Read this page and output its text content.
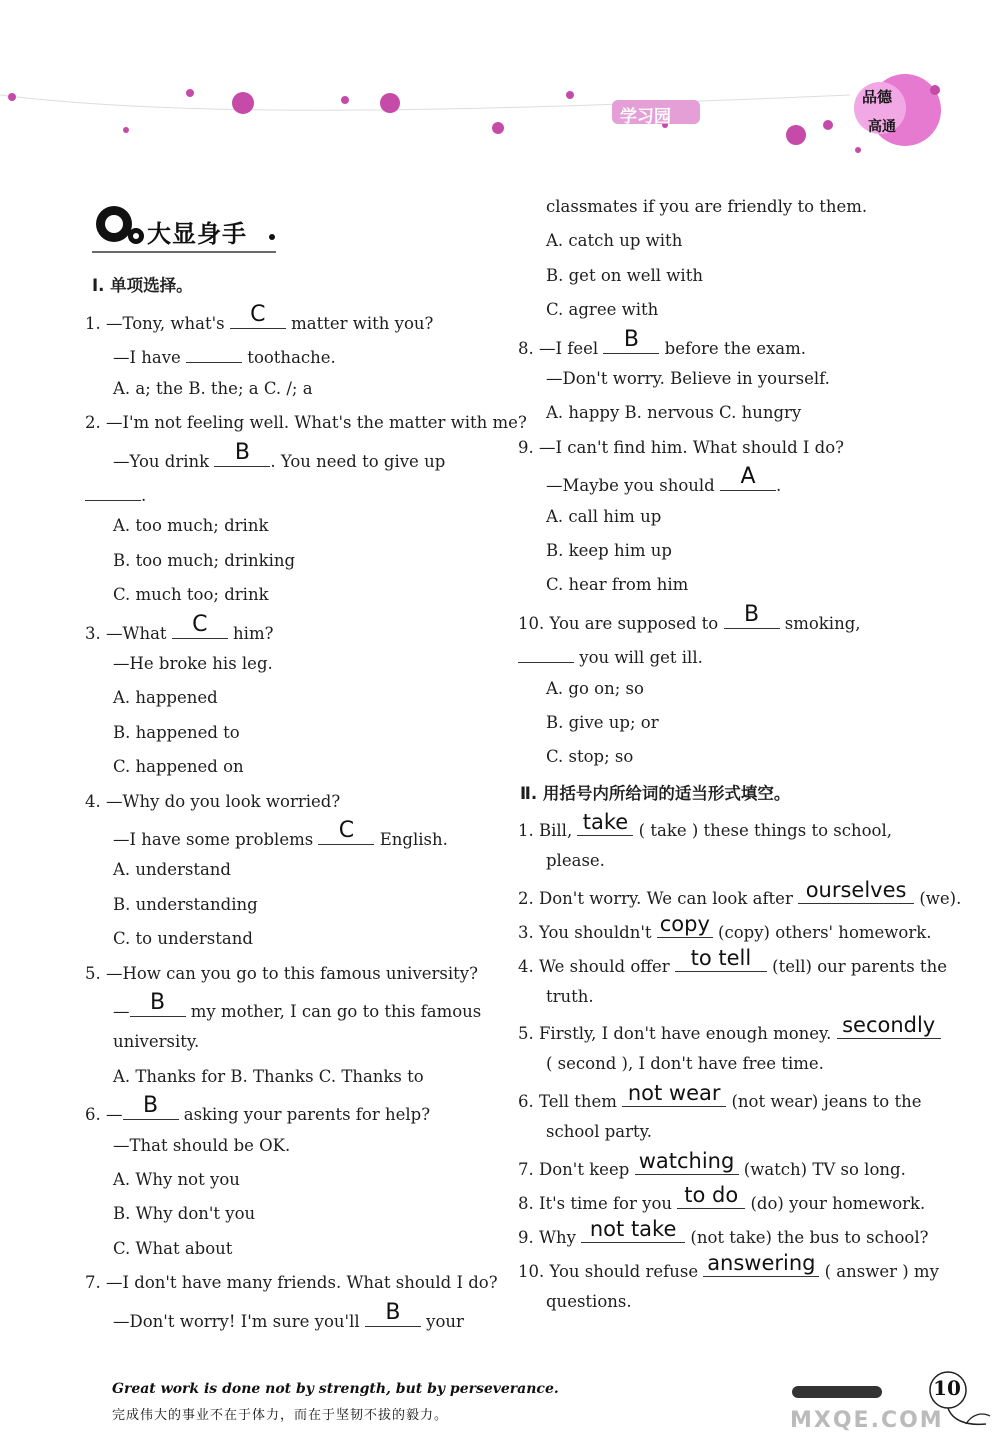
学习园
品德
高通
大显身手
Ⅰ. 单项选择。
1. —Tony, what's C	matter with you?
—I have	toothache.
A. a; the B. the; a C. /; a
2. —I'm not feeling well. What's the matter with me?
—You drink B	. You need to give up
.
A. too much; drink
B. too much; drinking
C. much too; drink
3. —What C	him?
—He broke his leg.
A. happened
B. happened to
C. happened on
4. —Why do you look worried?
—I have some problems C	English.
A. understand
B. understanding
C. to understand
5. —How can you go to this famous university?
— B	my mother, I can go to this famous
university.
A. Thanks for B. Thanks C. Thanks to
6. — B	asking your parents for help?
—That should be OK.
A. Why not you
B. Why don't you
C. What about
7. —I don't have many friends. What should I do?
—Don't worry! I'm sure you'll B	your
classmates if you are friendly to them.
A. catch up with
B. get on well with
C. agree with
8. —I feel B	before the exam.
—Don't worry. Believe in yourself.
A. happy B. nervous C. hungry
9. —I can't find him. What should I do?
—Maybe you should A	.
A. call him up
B. keep him up
C. hear from him
10. You are supposed to B	smoking,
you will get ill.
A. go on; so
B. give up; or
C. stop; so
Ⅱ. 用括号内所给词的适当形式填空。
1. Bill, take ( take ) these things to school,
please.
2. Don't worry. We can look after ourselves (we).
3. You shouldn't copy (copy) others' homework.
4. We should offer to tell (tell) our parents the
truth.
5. Firstly, I don't have enough money. secondly
( second ), I don't have free time.
6. Tell them not wear (not wear) jeans to the
school party.
7. Don't keep watching (watch) TV so long.
8. It's time for you to do (do) your homework.
9. Why not take (not take) the bus to school?
10. You should refuse answering ( answer ) my
questions.
Great work is done not by strength, but by perseverance.
完成伟大的事业不在于体力，而在于坚韧不拔的毅力。
10
MXQE.COM
